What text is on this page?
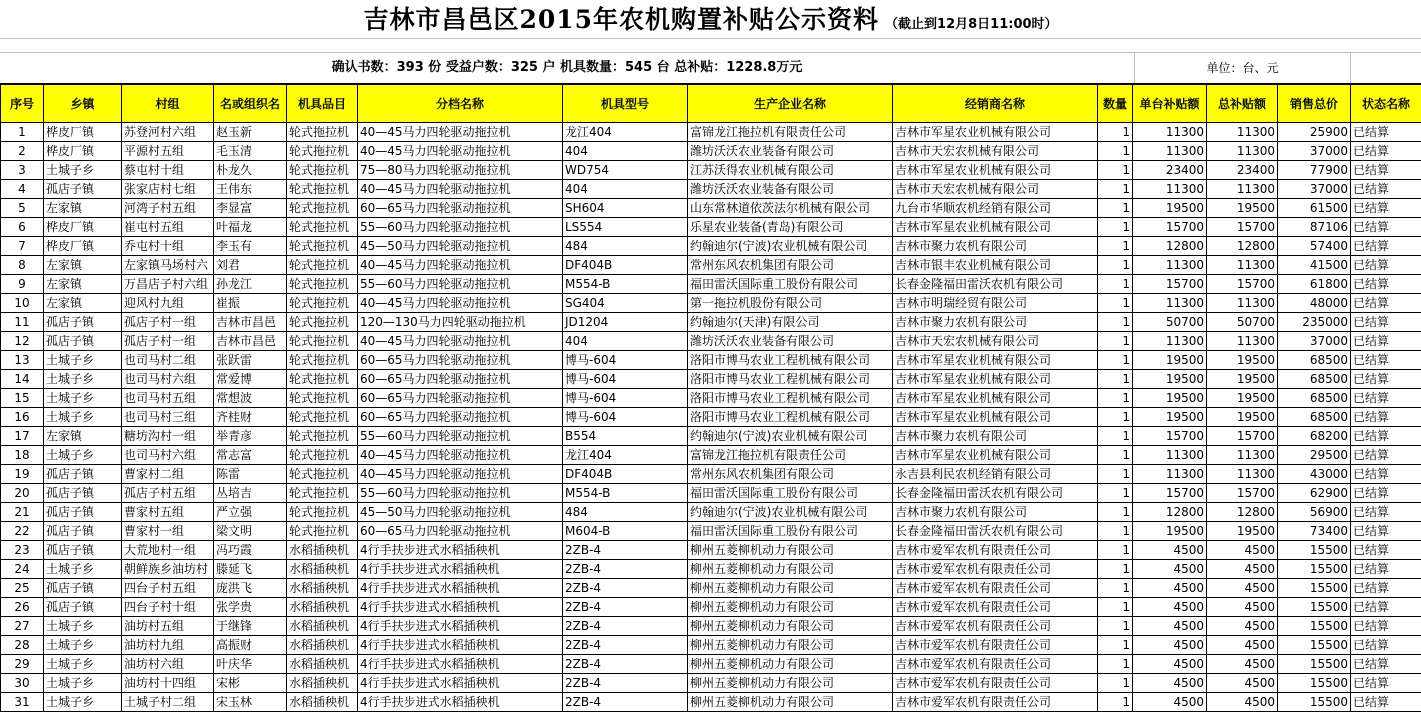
吉林市昌邑区2015年农机购置补贴公示资料 （截止到12月8日11:00时）
确认书数：393 份 受益户数：325 户 机具数量：545 台 总补贴：1228.8万元	单位：台、元
序号	乡镇	村组	名或组织名	机具品目	分档名称	机具型号	生产企业名称	经销商名称	数量	单台补贴额	总补贴额	销售总价	状态名称
1	桦皮厂镇	苏登河村六组	赵玉新	轮式拖拉机	40—45马力四轮驱动拖拉机	龙江404	富锦龙江拖拉机有限责任公司	吉林市军星农业机械有限公司	1	11300	11300	25900	已结算
2	桦皮厂镇	平源村五组	毛玉清	轮式拖拉机	40—45马力四轮驱动拖拉机	404	潍坊沃沃农业装备有限公司	吉林市天宏农机械有限公司	1	11300	11300	37000	已结算
3	土城子乡	蔡屯村十组	朴龙久	轮式拖拉机	75—80马力四轮驱动拖拉机	WD754	江苏沃得农业机械有限公司	吉林市军星农业机械有限公司	1	23400	23400	77900	已结算
4	孤店子镇	张家店村七组	王伟东	轮式拖拉机	40—45马力四轮驱动拖拉机	404	潍坊沃沃农业装备有限公司	吉林市天宏农机械有限公司	1	11300	11300	37000	已结算
5	左家镇	河湾子村五组	李显富	轮式拖拉机	60—65马力四轮驱动拖拉机	SH604	山东常林道依茨法尔机械有限公司	九台市华顺农机经销有限公司	1	19500	19500	61500	已结算
6	桦皮厂镇	崔屯村五组	叶福龙	轮式拖拉机	55—60马力四轮驱动拖拉机	LS554	乐星农业装备(青岛)有限公司	吉林市军星农业机械有限公司	1	15700	15700	87106	已结算
7	桦皮厂镇	乔屯村十组	李玉有	轮式拖拉机	45—50马力四轮驱动拖拉机	484	约翰迪尔(宁波)农业机械有限公司	吉林市聚力农机有限公司	1	12800	12800	57400	已结算
8	左家镇	左家镇马场村六	刘君	轮式拖拉机	40—45马力四轮驱动拖拉机	DF404B	常州东风农机集团有限公司	吉林市银丰农业机械有限公司	1	11300	11300	41500	已结算
9	左家镇	万昌店子村六组	孙龙江	轮式拖拉机	55—60马力四轮驱动拖拉机	M554-B	福田雷沃国际重工股份有限公司	长春金隆福田雷沃农机有限公司	1	15700	15700	61800	已结算
10	左家镇	迎风村九组	崔振	轮式拖拉机	40—45马力四轮驱动拖拉机	SG404	第一拖拉机股份有限公司	吉林市明瑞经贸有限公司	1	11300	11300	48000	已结算
11	孤店子镇	孤店子村一组	吉林市昌邑	轮式拖拉机	120—130马力四轮驱动拖拉机	JD1204	约翰迪尔(天津)有限公司	吉林市聚力农机有限公司	1	50700	50700	235000	已结算
12	孤店子镇	孤店子村一组	吉林市昌邑	轮式拖拉机	40—45马力四轮驱动拖拉机	404	潍坊沃沃农业装备有限公司	吉林市天宏农机械有限公司	1	11300	11300	37000	已结算
13	土城子乡	也司马村二组	张跃雷	轮式拖拉机	60—65马力四轮驱动拖拉机	博马-604	洛阳市博马农业工程机械有限公司	吉林市军星农业机械有限公司	1	19500	19500	68500	已结算
14	土城子乡	也司马村六组	常爱博	轮式拖拉机	60—65马力四轮驱动拖拉机	博马-604	洛阳市博马农业工程机械有限公司	吉林市军星农业机械有限公司	1	19500	19500	68500	已结算
15	土城子乡	也司马村五组	常想波	轮式拖拉机	60—65马力四轮驱动拖拉机	博马-604	洛阳市博马农业工程机械有限公司	吉林市军星农业机械有限公司	1	19500	19500	68500	已结算
16	土城子乡	也司马村三组	齐桂财	轮式拖拉机	60—65马力四轮驱动拖拉机	博马-604	洛阳市博马农业工程机械有限公司	吉林市军星农业机械有限公司	1	19500	19500	68500	已结算
17	左家镇	糖坊沟村一组	举青彦	轮式拖拉机	55—60马力四轮驱动拖拉机	B554	约翰迪尔(宁波)农业机械有限公司	吉林市聚力农机有限公司	1	15700	15700	68200	已结算
18	土城子乡	也司马村六组	常志富	轮式拖拉机	40—45马力四轮驱动拖拉机	龙江404	富锦龙江拖拉机有限责任公司	吉林市军星农业机械有限公司	1	11300	11300	29500	已结算
19	孤店子镇	曹家村二组	陈雷	轮式拖拉机	40—45马力四轮驱动拖拉机	DF404B	常州东风农机集团有限公司	永吉县利民农机经销有限公司	1	11300	11300	43000	已结算
20	孤店子镇	孤店子村五组	丛培吉	轮式拖拉机	55—60马力四轮驱动拖拉机	M554-B	福田雷沃国际重工股份有限公司	长春金隆福田雷沃农机有限公司	1	15700	15700	62900	已结算
21	孤店子镇	曹家村五组	严立强	轮式拖拉机	45—50马力四轮驱动拖拉机	484	约翰迪尔(宁波)农业机械有限公司	吉林市聚力农机有限公司	1	12800	12800	56900	已结算
22	孤店子镇	曹家村一组	梁文明	轮式拖拉机	60—65马力四轮驱动拖拉机	M604-B	福田雷沃国际重工股份有限公司	长春金隆福田雷沃农机有限公司	1	19500	19500	73400	已结算
23	孤店子镇	大荒地村一组	冯巧霞	水稻插秧机	4行手扶步进式水稻插秧机	2ZB-4	柳州五菱柳机动力有限公司	吉林市爱军农机有限责任公司	1	4500	4500	15500	已结算
24	土城子乡	朝鲜族乡油坊村	滕延飞	水稻插秧机	4行手扶步进式水稻插秧机	2ZB-4	柳州五菱柳机动力有限公司	吉林市爱军农机有限责任公司	1	4500	4500	15500	已结算
25	孤店子镇	四台子村五组	庞洪飞	水稻插秧机	4行手扶步进式水稻插秧机	2ZB-4	柳州五菱柳机动力有限公司	吉林市爱军农机有限责任公司	1	4500	4500	15500	已结算
26	孤店子镇	四台子村十组	张学贵	水稻插秧机	4行手扶步进式水稻插秧机	2ZB-4	柳州五菱柳机动力有限公司	吉林市爱军农机有限责任公司	1	4500	4500	15500	已结算
27	土城子乡	油坊村五组	于继锋	水稻插秧机	4行手扶步进式水稻插秧机	2ZB-4	柳州五菱柳机动力有限公司	吉林市爱军农机有限责任公司	1	4500	4500	15500	已结算
28	土城子乡	油坊村九组	高振财	水稻插秧机	4行手扶步进式水稻插秧机	2ZB-4	柳州五菱柳机动力有限公司	吉林市爱军农机有限责任公司	1	4500	4500	15500	已结算
29	土城子乡	油坊村六组	叶庆华	水稻插秧机	4行手扶步进式水稻插秧机	2ZB-4	柳州五菱柳机动力有限公司	吉林市爱军农机有限责任公司	1	4500	4500	15500	已结算
30	土城子乡	油坊村十四组	宋彬	水稻插秧机	4行手扶步进式水稻插秧机	2ZB-4	柳州五菱柳机动力有限公司	吉林市爱军农机有限责任公司	1	4500	4500	15500	已结算
31	土城子乡	土城子村二组	宋玉林	水稻插秧机	4行手扶步进式水稻插秧机	2ZB-4	柳州五菱柳机动力有限公司	吉林市爱军农机有限责任公司	1	4500	4500	15500	已结算
